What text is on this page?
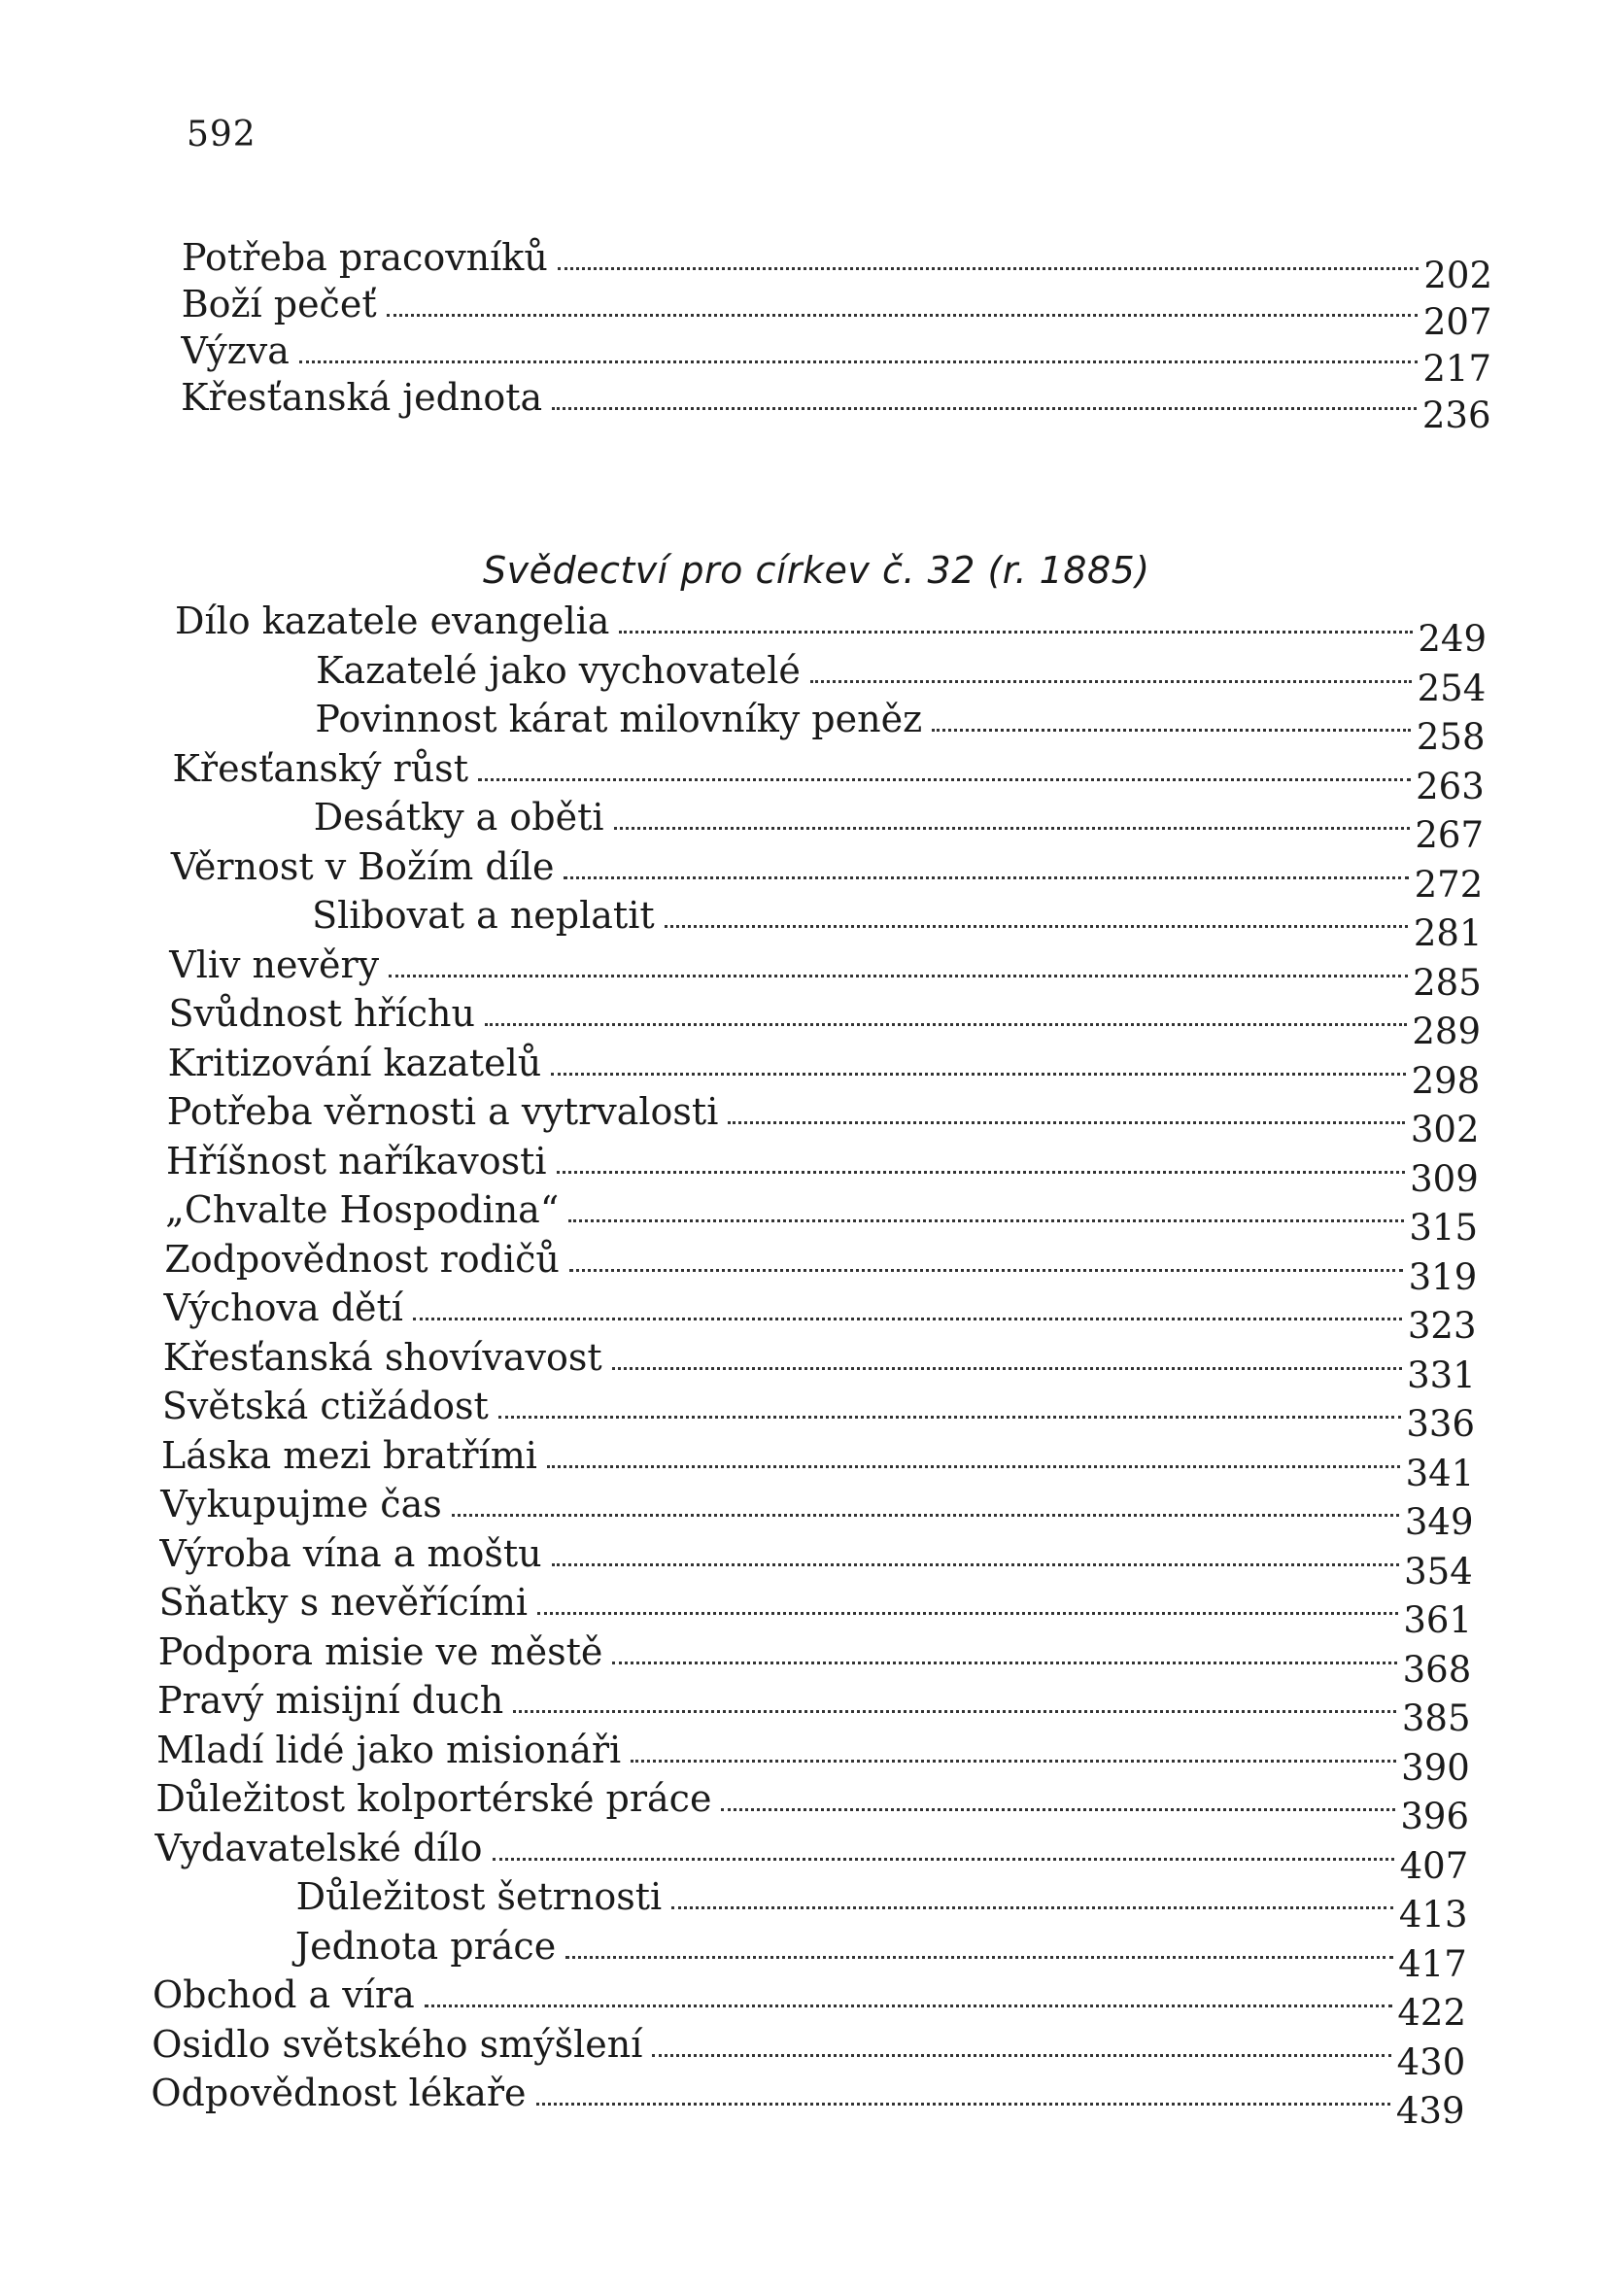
592
Potřeba pracovníků	202
Boží pečeť	207
Výzva	217
Křesťanská jednota	236
Svědectví pro církev č. 32 (r. 1885)
Dílo kazatele evangelia	249
Kazatelé jako vychovatelé	254
Povinnost kárat milovníky peněz	258
Křesťanský růst	263
Desátky a oběti	267
Věrnost v Božím díle	272
Slibovat a neplatit	281
Vliv nevěry	285
Svůdnost hříchu	289
Kritizování kazatelů	298
Potřeba věrnosti a vytrvalosti	302
Hříšnost naříkavosti	309
„Chvalte Hospodina“	315
Zodpovědnost rodičů	319
Výchova dětí	323
Křesťanská shovívavost	331
Světská ctižádost	336
Láska mezi bratřími	341
Vykupujme čas	349
Výroba vína a moštu	354
Sňatky s nevěřícími	361
Podpora misie ve městě	368
Pravý misijní duch	385
Mladí lidé jako misionáři	390
Důležitost kolportérské práce	396
Vydavatelské dílo	407
Důležitost šetrnosti	413
Jednota práce	417
Obchod a víra	422
Osidlo světského smýšlení	430
Odpovědnost lékaře	439
